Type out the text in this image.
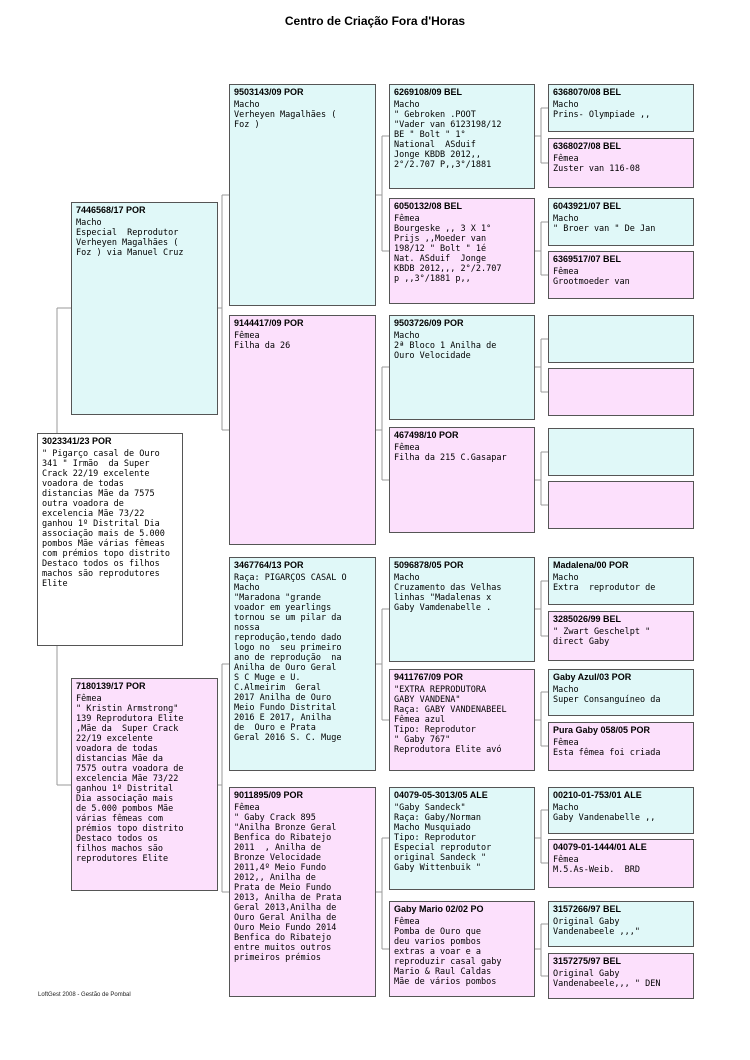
Centro de Criação Fora d'Horas
3023341/23 POR
" Pigarço casal de Ouro 341 " Irmão  da Super Crack 22/19 excelente voadora de todas distancias Mãe da 7575 outra voadora de excelencia Mãe 73/22 ganhou 1º Distrital Dia associação mais de 5.000 pombos Mãe várias fêmeas com prémios topo distrito Destaco todos os filhos machos são reprodutores Elite
7446568/17 POR
Macho
Especial  Reprodutor
Verheyen Magalhães (
Foz ) via Manuel Cruz
7180139/17 POR
Fêmea
" Kristin Armstrong"
139 Reprodutora Elite
,Mãe da  Super Crack
22/19 excelente
voadora de todas
distancias Mãe da
7575 outra voadora de
excelencia Mãe 73/22
ganhou 1º Distrital
Dia associação mais
de 5.000 pombos Mãe
várias fêmeas com
prémios topo distrito
Destaco todos os
filhos machos são
reprodutores Elite
9503143/09 POR
Macho
Verheyen Magalhães (
Foz )
9144417/09 POR
Fêmea
Filha da 26
3467764/13 POR
Raça: PIGARÇOS CASAL O
Macho
"Maradona "grande
voador em yearlings
tornou se um pilar da
nossa
reprodução,tendo dado
logo no  seu primeiro
ano de reprodução  na
Anilha de Ouro Geral
S C Muge e U.
C.Almeirim  Geral
2017 Anilha de Ouro
Meio Fundo Distrital
2016 E 2017, Anilha
de  Ouro e Prata
Geral 2016 S. C. Muge
9011895/09 POR
Fêmea
" Gaby Crack 895
"Anilha Bronze Geral
Benfica do Ribatejo
2011  , Anilha de
Bronze Velocidade
2011,4º Meio Fundo
2012,, Anilha de
Prata de Meio Fundo
2013, Anilha de Prata
Geral 2013,Anilha de
Ouro Geral Anilha de
Ouro Meio Fundo 2014
Benfica do Ribatejo
entre muitos outros
primeiros prémios
6269108/09 BEL
Macho
" Gebroken .POOT
"Vader van 6123198/12
BE " Bolt " 1°
National  ASduif
Jonge KBDB 2012,,
2°/2.707 P,,3°/1881
6050132/08 BEL
Fêmea
Bourgeske ,, 3 X 1°
Prijs ,,Moeder van
198/12 " Bolt " 1é
Nat. ASduif  Jonge
KBDB 2012,,, 2°/2.707
p ,,3°/1881 p,,
9503726/09 POR
Macho
2ª Bloco 1 Anilha de
Ouro Velocidade
467498/10 POR
Fêmea
Filha da 215 C.Gasapar
5096878/05 POR
Macho
Cruzamento das Velhas
linhas "Madalenas x
Gaby Vamdenabelle .
9411767/09 POR
"EXTRA REPRODUTORA
GABY VANDENA"
Raça: GABY VANDENABEEL
Fêmea azul
Tipo: Reprodutor
" Gaby 767"
Reprodutora Elite avó
04079-05-3013/05 ALE
"Gaby Sandeck"
Raça: Gaby/Norman
Macho Musquiado
Tipo: Reprodutor
Especial reprodutor
original Sandeck "
Gaby Wittenbuik "
Gaby Mario 02/02 PO
Fêmea
Pomba de Ouro que
deu varios pombos
extras a voar e a
reproduzir casal gaby
Mario & Raul Caldas
Mãe de vários pombos
6368070/08 BEL
Macho
Prins- Olympiade ,,
6368027/08 BEL
Fêmea
Zuster van 116-08
6043921/07 BEL
Macho
" Broer van " De Jan
6369517/07 BEL
Fêmea
Grootmoeder van
Madalena/00 POR
Macho
Extra  reprodutor de
3285026/99 BEL
" Zwart Geschelpt "
direct Gaby
Gaby Azul/03 POR
Macho
Super Consanguíneo da
Pura Gaby 058/05 POR
Fêmea
Esta fêmea foi criada
00210-01-753/01 ALE
Macho
Gaby Vandenabelle ,,
04079-01-1444/01 ALE
Fêmea
M.5.As-Weib.  BRD
3157266/97 BEL
Original Gaby
Vandenabeele ,,,"
3157275/97 BEL
Original Gaby
Vandenabeele,,, " DEN
LoftGest 2008 - Gestão de Pombal
